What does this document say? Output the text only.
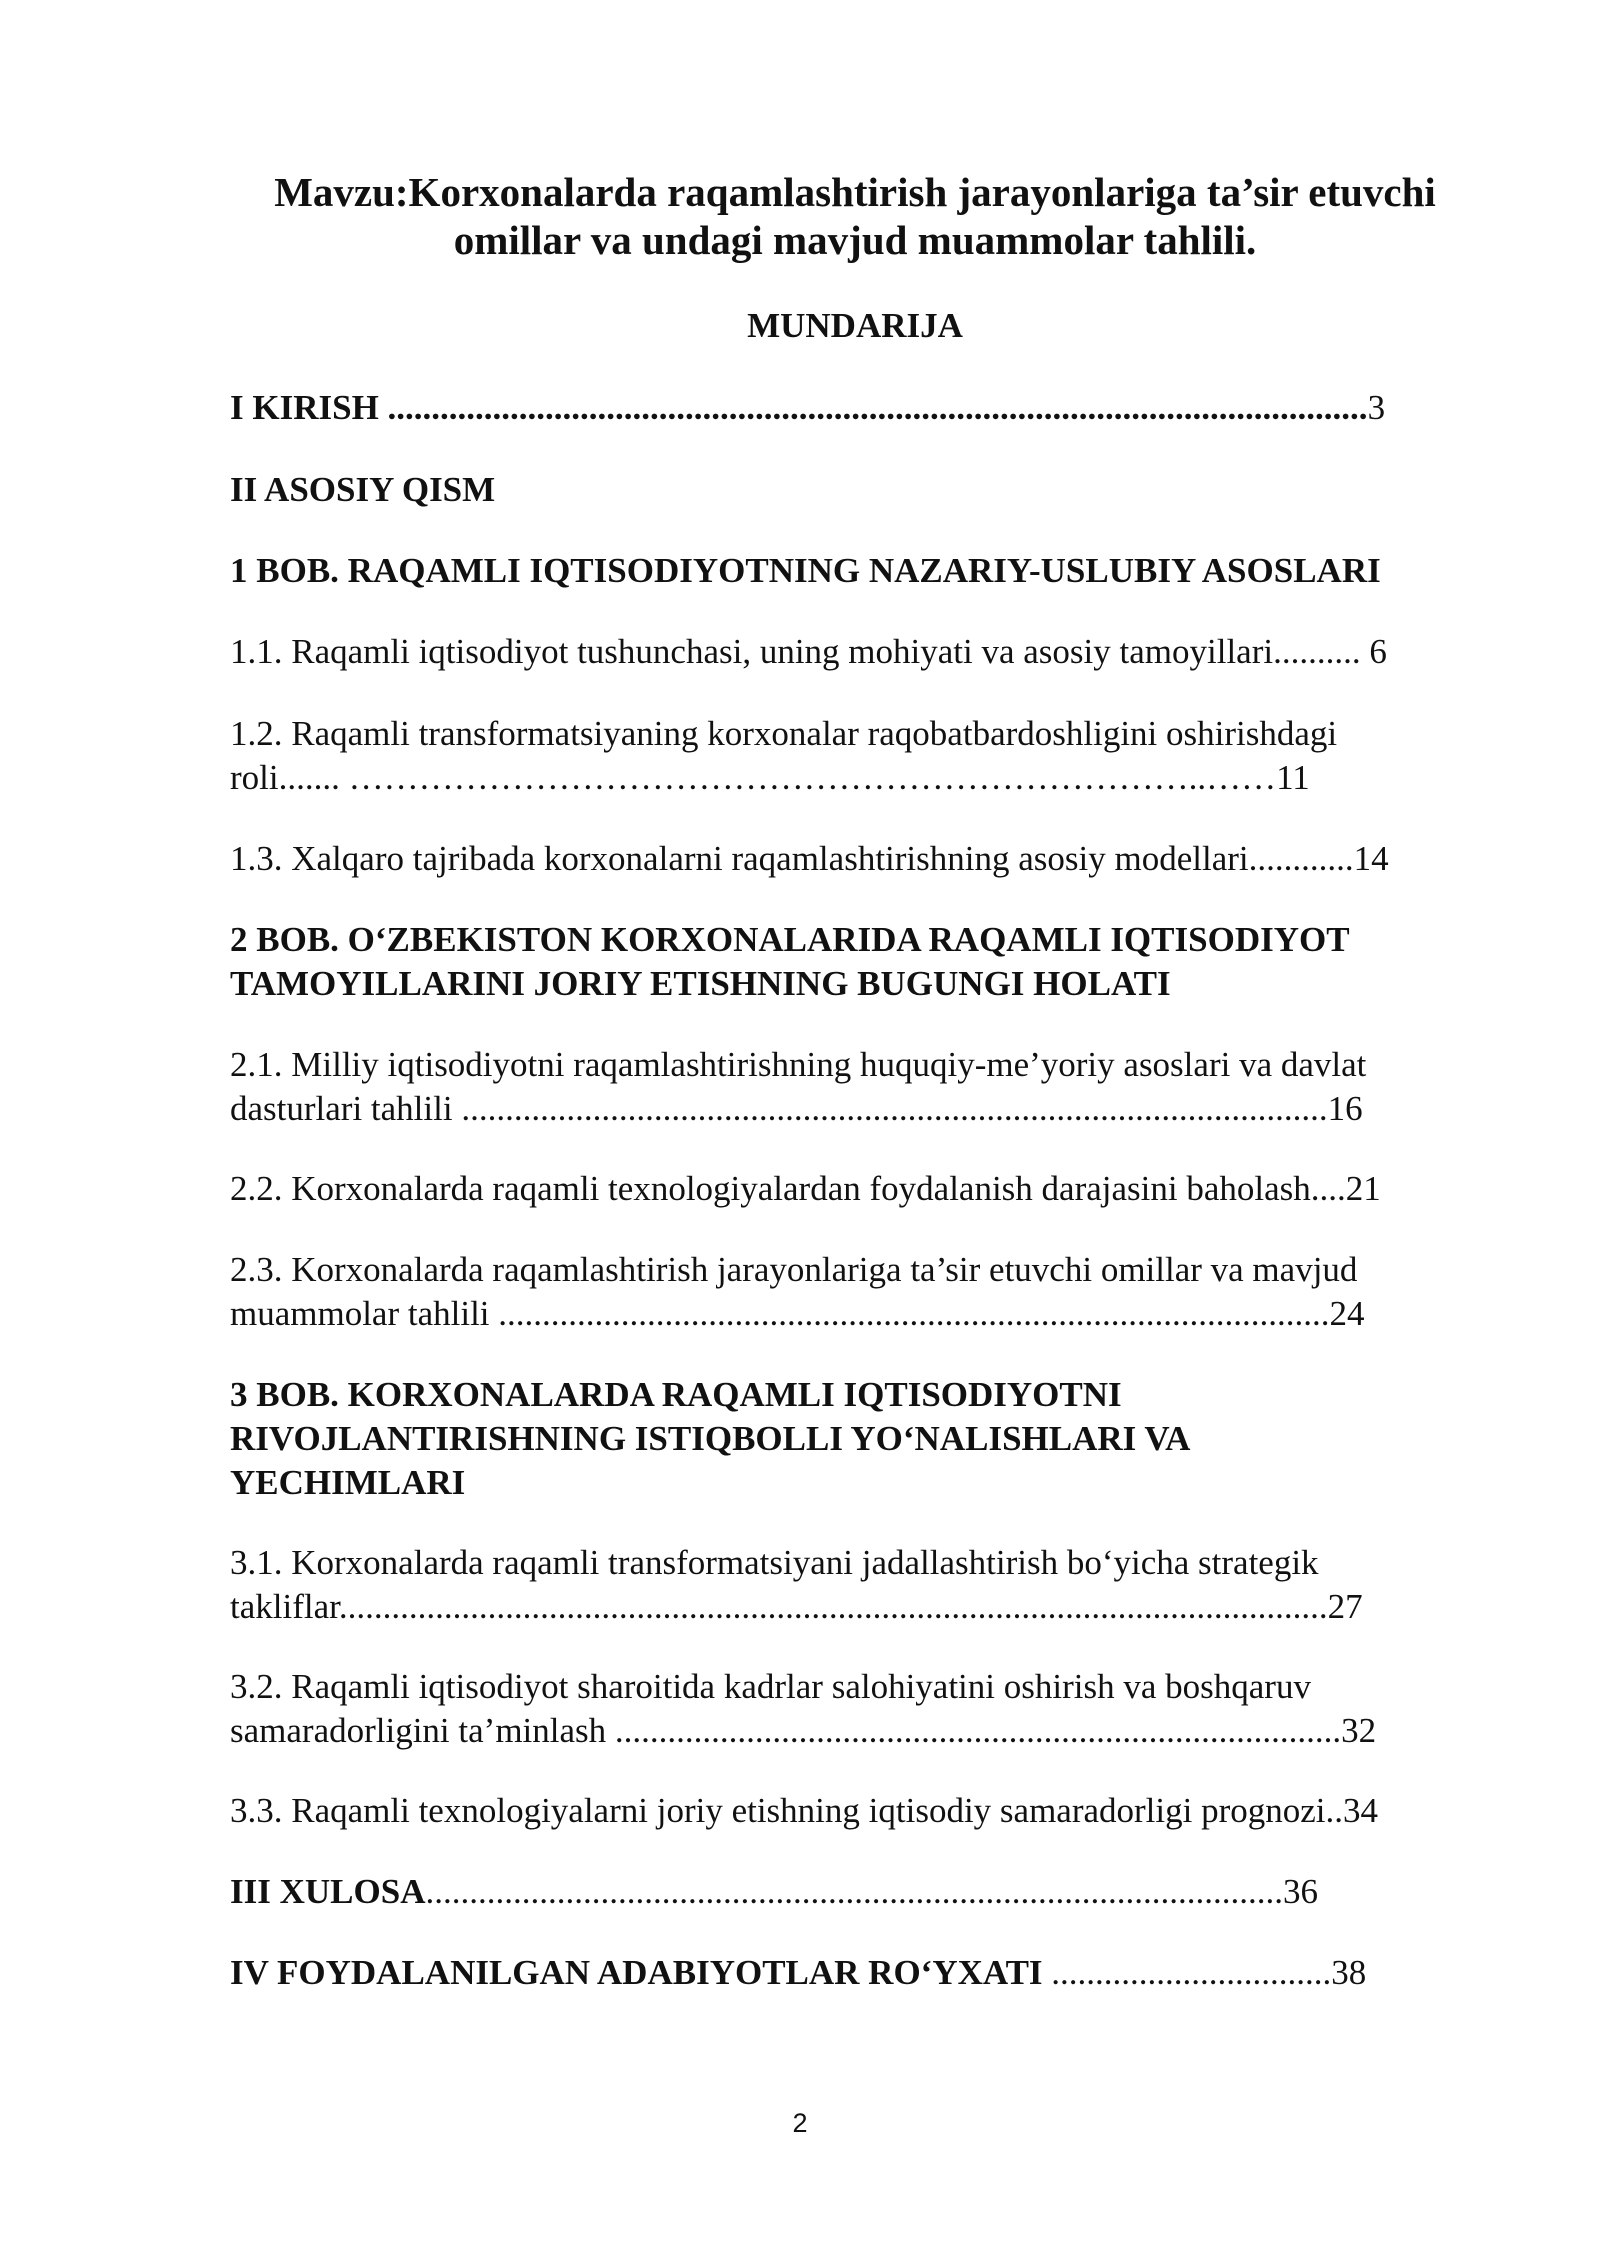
Mavzu:Korxonalarda raqamlashtirish jarayonlariga ta’sir etuvchi
omillar va undagi mavjud muammolar tahlili.
MUNDARIJA

I KIRISH ................................................................................................................3

II ASOSIY QISM

1 BOB. RAQAMLI IQTISODIYOTNING NAZARIY-USLUBIY ASOSLARI

1.1. Raqamli iqtisodiyot tushunchasi, uning mohiyati va asosiy tamoyillari.......... 6

1.2. Raqamli transformatsiyaning korxonalar raqobatbardoshligini oshirishdagi
roli....... ………………………………………………………………..……11

1.3. Xalqaro tajribada korxonalarni raqamlashtirishning asosiy modellari............14

2 BOB. O‘ZBEKISTON KORXONALARIDA RAQAMLI IQTISODIYOT
TAMOYILLARINI JORIY ETISHNING BUGUNGI HOLATI

2.1. Milliy iqtisodiyotni raqamlashtirishning huquqiy-me’yoriy asoslari va davlat
dasturlari tahlili ...................................................................................................16

2.2. Korxonalarda raqamli texnologiyalardan foydalanish darajasini baholash....21

2.3. Korxonalarda raqamlashtirish jarayonlariga ta’sir etuvchi omillar va mavjud
muammolar tahlili ...............................................................................................24

3 BOB. KORXONALARDA RAQAMLI IQTISODIYOTNI
RIVOJLANTIRISHNING ISTIQBOLLI YO‘NALISHLARI VA
YECHIMLARI

3.1. Korxonalarda raqamli transformatsiyani jadallashtirish bo‘yicha strategik
takliflar.................................................................................................................27

3.2. Raqamli iqtisodiyot sharoitida kadrlar salohiyatini oshirish va boshqaruv
samaradorligini ta’minlash ...................................................................................32

3.3. Raqamli texnologiyalarni joriy etishning iqtisodiy samaradorligi prognozi..34

III XULOSA..................................................................................................36

IV FOYDALANILGAN ADABIYOTLAR RO‘YXATI ................................38

2
